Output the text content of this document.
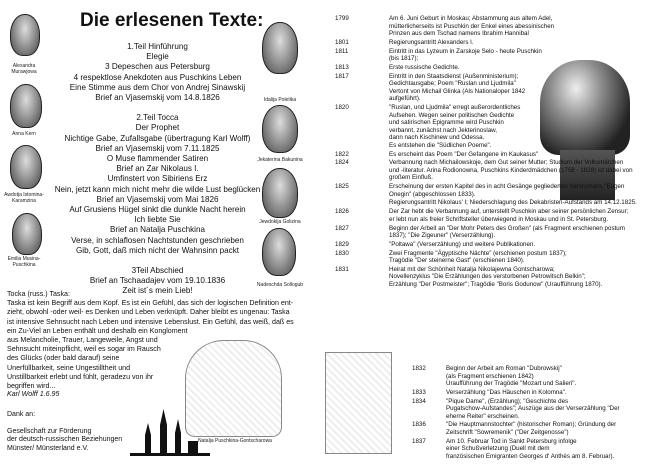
Die erlesenen Texte:
1.Teil Hinführung
Elegie
3 Depeschen aus Petersburg
4 respektlose Anekdoten aus Puschkins Leben
Eine Stimme aus dem Chor von Andrej Sinawskij
Brief an Vjasemskij vom 14.8.1826
2.Teil Tocca
Der Prophet
Nichtige Gabe, Zufallsgabe (übertragung Karl Wolff)
Brief an Vjasemskij vom 7.11.1825
O Muse flammender Satiren
Brief an Zar Nikolaus I.
Umfinstert von Sibiriens Erz
Nein, jetzt kann mich nicht mehr die wilde Lust beglücken
Brief an Vjasemskij vom Mai 1826
Auf Grusiens Hügel sinkt die dunkle Nacht herein
Ich liebte Sie
Brief an Natalja Puschkina
Verse, in schlaflosen Nachtstunden geschrieben
Gib, Gott, daß mich nicht der Wahnsinn packt
3Teil Abschied
Brief an Tschaadajev vom 19.10.1836
Zeit ist´s mein Lieb!
Alexandra Murawjowa
Anna Kern
Awdotja Istomina-Karamzina
Emilia Musina-Puschkina
Idalija Poletika
Jekaterina Bakunina
Jewdokija Golizina
Nadeschda Sollogub
Tocka (russ.) Taska:
Taska ist kein Begriff aus dem Kopf. Es ist ein Gefühl, das sich der logischen Definition ent-
zieht, obwohl -oder weil- es Denken und Leben verknüpft. Daher bleibt es ungenau: Taska
ist intensive Sehnsucht nach Leben und intensive Lebenslust. Ein Gefühl, das weiß, daß es
ein Zu-Viel an Leben enthält und deshalb ein Kongloment
aus Melancholie, Trauer, Langeweile, Angst und
Sehnsucht miteinpflicht, weil es sogar im Rausch
des Glücks (oder bald darauf) seine
Unerfüllbarkeit, seine Ungestilltheit und
Unstillbarkeit erlebt und fühlt, geradezu von ihr
begriffen wird...
Karl Wolff 1.6.95
Natalja Puschkina-Gontscharowa
Dank an:
Gesellschaft zur Förderung
der deutsch-russischen Beziehungen
Münster/ Münsterland e.V.
1799	Am 6. Juni Geburt in Moskau; Abstammung aus altem Adel,
mütterlicherseits ist Puschkin der Enkel eines abessinischen
Prinzen aus dem Tschad namens Ibrahim Hannibal
1801	Regierungsantritt Alexanders I.
1811	Eintritt in das Lyzeum in Zarskoje Selo - heute Puschkin
(bis 1817);
1813	Erste russische Gedichte.
1817	Eintritt in den Staatsdienst (Außenministerium);
Gedichtausgabe; Poem "Ruslan und Ljudmila"
Vertont von Michail Glinka (Als Nationaloper 1842
aufgeführt).
1820	"Ruslan, und Ljudmila" erregt außerordentliches
Aufsehen. Wegen seiner politischen Gedichte
und satirischen Epigramme wird Puschkin
verbannt, zunächst nach Jekterinoslaw,
dann nach Kischinew und Odessa.
Es entstehen die "Südlichen Poeme".
1822	Es erscheint das Poem "Der Gefangene im Kaukasus"
1824	Verbannung nach Michailowskoje, dem Gut seiner Mutter; Studium der Volksmärchen
und -literatur. Arina Rodionowna, Puschkins Kinderdmädchen (1758 - 1828) ist dabei von
großem Einfluß.
1825	Erscheinung der ersten Kapitel des in acht Gesänge gegliederten Versromans "Eugen
Onegin" (abgeschlossen 1833).
Regierungsantritt Nikolaus' I; Niederschlagung des Dekabristen-Aufstands am 14.12.1825.
1826	Der Zar hebt die Verbannung auf, unterstellt Puschkin aber seiner persönlichen Zensur;
er lebt nun als freier Schriftsteller überwiegend in Moskau und in St. Petersburg.
1827	Beginn der Arbeit an "Der Mohr Peters des Großen" (als Fragment erschienen postum
1837); "Die Zigeuner" (Verserzählung).
1829	"Poltawa" (Verserzählung) und weitere Publikationen.
1830	Zwei Fragmente "Ägyptische Nächte" (erschienen postum 1837);
Tragödie "Der steinerne Gast" (erschienen 1840).
1831	Heirat mit der Schönheit Natalja Nikolajewna Gontscharowa;
Novellenzyklus "Die Erzählungen des verstorbenen Petrowitsch Belkin";
Erzählung "Der Postmeister"; Tragödie "Boris Godunow" (Uraufführung 1870).
1832	Beginn der Arbeit am Roman "Dubrowskij"
(als Fragment erschienen 1842)
Uraufführung der Tragödie "Mozart und Salieri".
1833	Verserzählung "Das Häuschen in Kolomna".
1834	"Pique Dame", (Erzählung); "Geschichte des
Pugatschow-Aufstandes"; Auszüge aus der Verserzählung "Der
eherne Reiter" erscheinen.
1836	"Die Hauptmannstochter" (historischer Roman); Gründung der
Zeitschrift "Sowremenik" ("Der Zeitgenosse")
1837	Am 10. Februar Tod in Sankt Petersburg infolge
einer Schußverletzung (Duell mit dem
französischen Emigranten Georges d' Anthès am 8. Februar).
